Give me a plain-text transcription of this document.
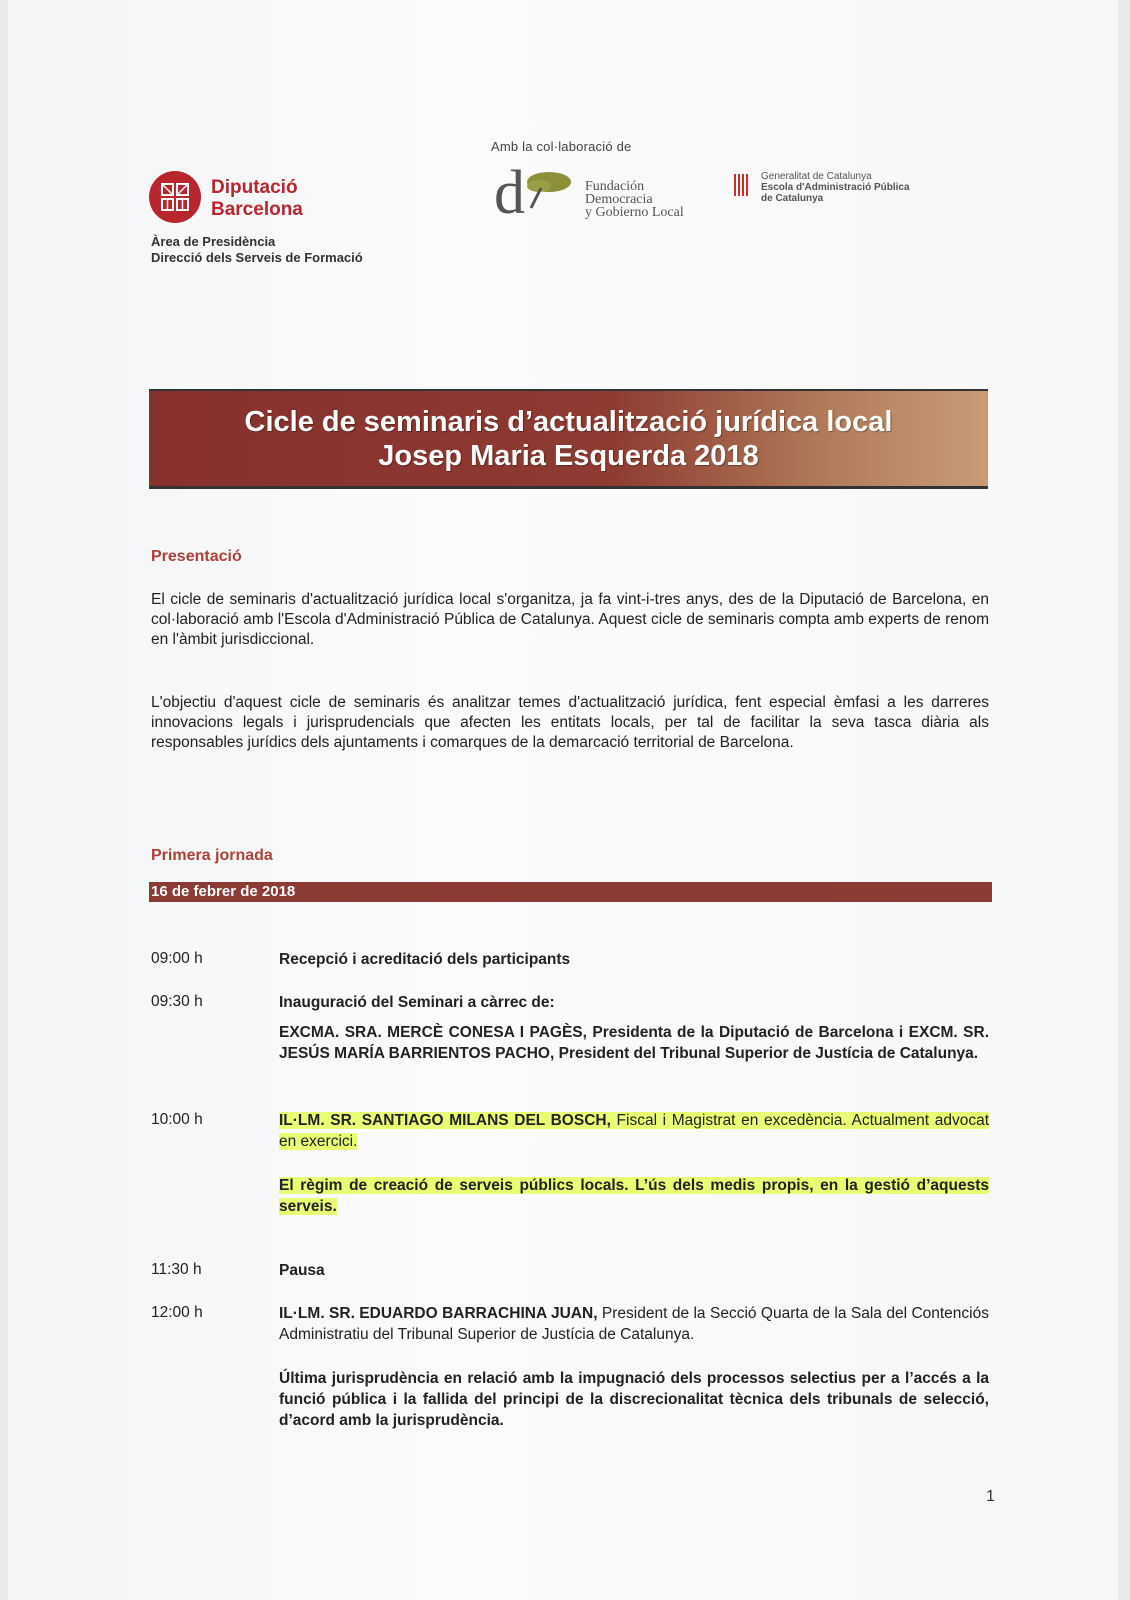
Amb la col·laboració de
Diputació
Barcelona
Àrea de Presidència
Direcció dels Serveis de Formació
d	Fundación
Democracia
y Gobierno Local
Generalitat de Catalunya
Escola d'Administració Pública
de Catalunya
Cicle de seminaris d’actualització jurídica local
Josep Maria Esquerda 2018
Presentació
El cicle de seminaris d'actualització jurídica local s'organitza, ja fa vint-i-tres anys, des de la Diputació de Barcelona, en col·laboració amb l'Escola d'Administració Pública de Catalunya. Aquest cicle de seminaris compta amb experts de renom en l'àmbit jurisdiccional.
L'objectiu d'aquest cicle de seminaris és analitzar temes d'actualització jurídica, fent especial èmfasi a les darreres innovacions legals i jurisprudencials que afecten les entitats locals, per tal de facilitar la seva tasca diària als responsables jurídics dels ajuntaments i comarques de la demarcació territorial de Barcelona.
Primera jornada
16 de febrer de 2018
09:00 h	Recepció i acreditació dels participants
09:30 h	Inauguració del Seminari a càrrec de:
EXCMA. SRA. MERCÈ CONESA I PAGÈS, Presidenta de la Diputació de Barcelona i EXCM. SR. JESÚS MARÍA BARRIENTOS PACHO, President del Tribunal Superior de Justícia de Catalunya.
10:00 h	IL·LM. SR. SANTIAGO MILANS DEL BOSCH, Fiscal i Magistrat en excedència. Actualment advocat en exercici.
El règim de creació de serveis públics locals. L’ús dels medis propis, en la gestió d’aquests serveis.
11:30 h	Pausa
12:00 h	IL·LM. SR. EDUARDO BARRACHINA JUAN, President de la Secció Quarta de la Sala del Contenciós Administratiu del Tribunal Superior de Justícia de Catalunya.
Última jurisprudència en relació amb la impugnació dels processos selectius per a l’accés a la funció pública i la fallida del principi de la discrecionalitat tècnica dels tribunals de selecció, d’acord amb la jurisprudència.
1
